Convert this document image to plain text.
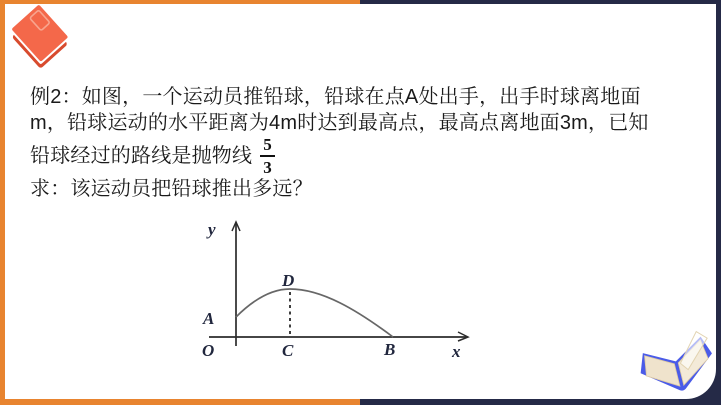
例2：如图，一个运动员推铅球，铅球在点A处出手，出手时球离地面
m，铅球运动的水平距离为4m时达到最高点，最高点离地面3m，已知
铅球经过的路线是抛物线 $\frac{5}{3}$
求：该运动员把铅球推出多远？
y
O
A
D
C	B	x
